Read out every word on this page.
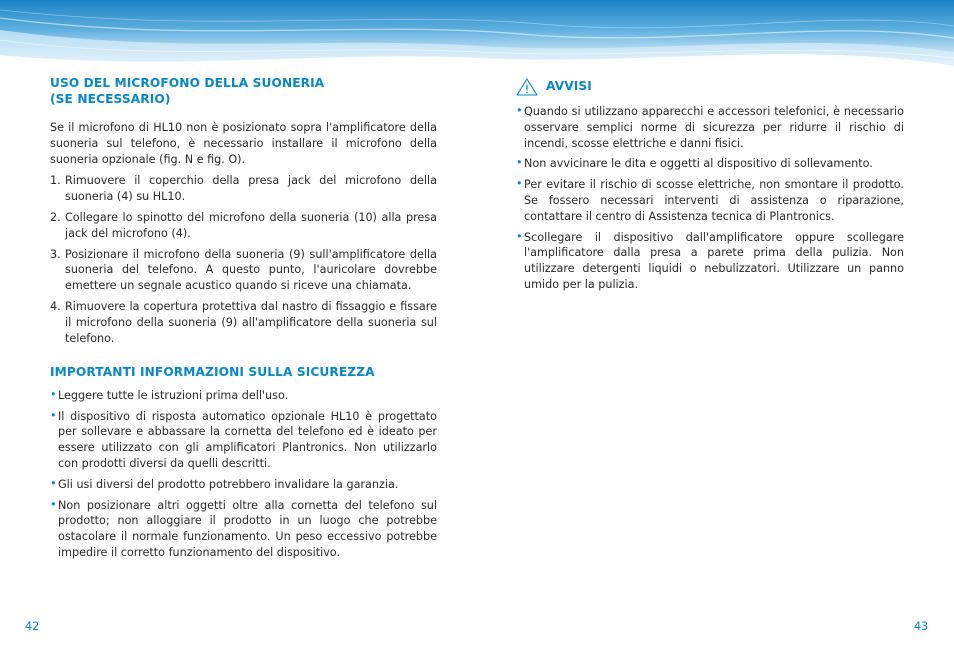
USO DEL MICROFONO DELLA SUONERIA
(SE NECESSARIO)

Se il microfono di HL10 non è posizionato sopra l'amplificatore della suoneria sul telefono, è necessario installare il microfono della suoneria opzionale (fig. N e fig. O).

1. Rimuovere il coperchio della presa jack del microfono della suoneria (4) su HL10.
2. Collegare lo spinotto del microfono della suoneria (10) alla presa jack del microfono (4).
3. Posizionare il microfono della suoneria (9) sull'amplificatore della suoneria del telefono. A questo punto, l'auricolare dovrebbe emettere un segnale acustico quando si riceve una chiamata.
4. Rimuovere la copertura protettiva dal nastro di fissaggio e fissare il microfono della suoneria (9) all'amplificatore della suoneria sul telefono.
IMPORTANTI INFORMAZIONI SULLA SICUREZZA
• Leggere tutte le istruzioni prima dell'uso.
• Il dispositivo di risposta automatico opzionale HL10 è progettato per sollevare e abbassare la cornetta del telefono ed è ideato per essere utilizzato con gli amplificatori Plantronics. Non utilizzarlo con prodotti diversi da quelli descritti.
• Gli usi diversi del prodotto potrebbero invalidare la garanzia.
• Non posizionare altri oggetti oltre alla cornetta del telefono sul prodotto; non alloggiare il prodotto in un luogo che potrebbe ostacolare il normale funzionamento. Un peso eccessivo potrebbe impedire il corretto funzionamento del dispositivo.
AVVISI
• Quando si utilizzano apparecchi e accessori telefonici, è necessario osservare semplici norme di sicurezza per ridurre il rischio di incendi, scosse elettriche e danni fisici.
• Non avvicinare le dita e oggetti al dispositivo di sollevamento.
• Per evitare il rischio di scosse elettriche, non smontare il prodotto. Se fossero necessari interventi di assistenza o riparazione, contattare il centro di Assistenza tecnica di Plantronics.
• Scollegare il dispositivo dall'amplificatore oppure scollegare l'amplificatore dalla presa a parete prima della pulizia. Non utilizzare detergenti liquidi o nebulizzatori. Utilizzare un panno umido per la pulizia.
42	43
